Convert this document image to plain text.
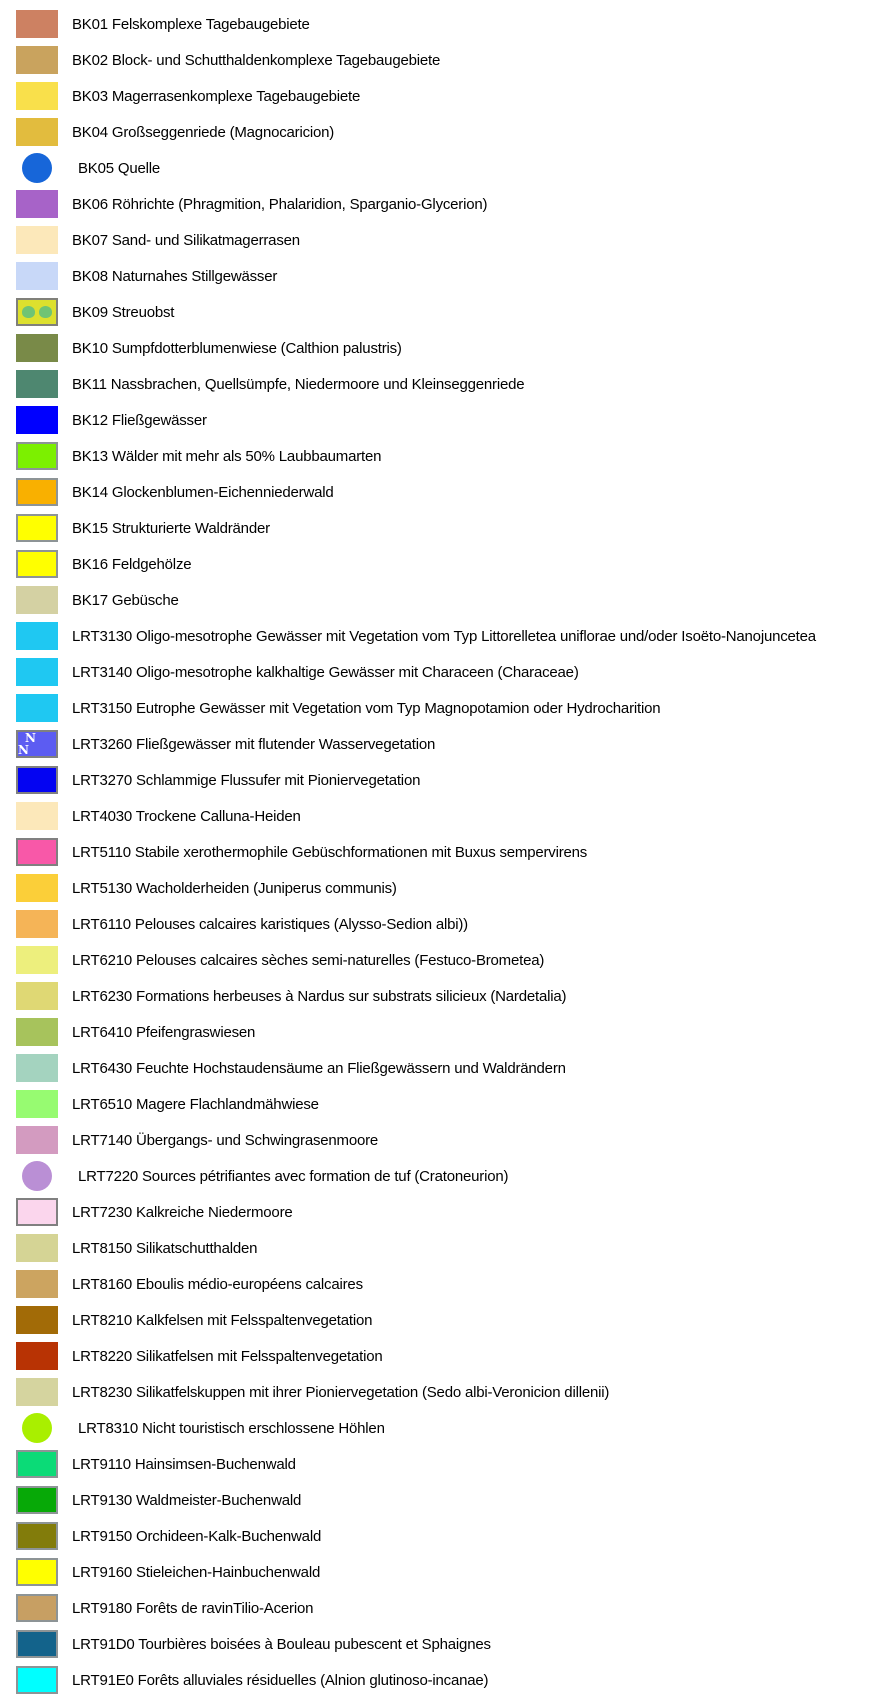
BK01 Felskomplexe Tagebaugebiete
BK02 Block- und Schutthaldenkomplexe Tagebaugebiete
BK03 Magerrasenkomplexe Tagebaugebiete
BK04 Großseggenriede (Magnocaricion)
BK05 Quelle
BK06 Röhrichte (Phragmition, Phalaridion, Sparganio-Glycerion)
BK07 Sand- und Silikatmagerrasen
BK08 Naturnahes Stillgewässer
BK09 Streuobst
BK10 Sumpfdotterblumenwiese (Calthion palustris)
BK11 Nassbrachen, Quellsümpfe, Niedermoore und Kleinseggenriede
BK12 Fließgewässer
BK13 Wälder mit mehr als 50% Laubbaumarten
BK14 Glockenblumen-Eichenniederwald
BK15 Strukturierte Waldränder
BK16 Feldgehölze
BK17 Gebüsche
LRT3130 Oligo-mesotrophe Gewässer mit Vegetation vom Typ Littorelletea uniflorae und/oder Isoëto-Nanojuncetea
LRT3140 Oligo-mesotrophe kalkhaltige Gewässer mit Characeen (Characeae)
LRT3150 Eutrophe Gewässer mit Vegetation vom Typ Magnopotamion oder Hydrocharition
N N	LRT3260 Fließgewässer mit flutender Wasservegetation
LRT3270 Schlammige Flussufer mit Pioniervegetation
LRT4030 Trockene Calluna-Heiden
LRT5110 Stabile xerothermophile Gebüschformationen mit Buxus sempervirens
LRT5130 Wacholderheiden (Juniperus communis)
LRT6110 Pelouses calcaires karistiques (Alysso-Sedion albi))
LRT6210 Pelouses calcaires sèches semi-naturelles (Festuco-Brometea)
LRT6230 Formations herbeuses à Nardus sur substrats silicieux (Nardetalia)
LRT6410 Pfeifengraswiesen
LRT6430 Feuchte Hochstaudensäume an Fließgewässern und Waldrändern
LRT6510 Magere Flachlandmähwiese
LRT7140 Übergangs- und Schwingrasenmoore
LRT7220 Sources pétrifiantes avec formation de tuf (Cratoneurion)
LRT7230 Kalkreiche Niedermoore
LRT8150 Silikatschutthalden
LRT8160 Eboulis médio-européens calcaires
LRT8210 Kalkfelsen mit Felsspaltenvegetation
LRT8220 Silikatfelsen mit Felsspaltenvegetation
LRT8230 Silikatfelskuppen mit ihrer Pioniervegetation (Sedo albi-Veronicion dillenii)
LRT8310 Nicht touristisch erschlossene Höhlen
LRT9110 Hainsimsen-Buchenwald
LRT9130 Waldmeister-Buchenwald
LRT9150 Orchideen-Kalk-Buchenwald
LRT9160 Stieleichen-Hainbuchenwald
LRT9180 Forêts de ravinTilio-Acerion
LRT91D0 Tourbières boisées à Bouleau pubescent et Sphaignes
LRT91E0 Forêts alluviales résiduelles (Alnion glutinoso-incanae)
